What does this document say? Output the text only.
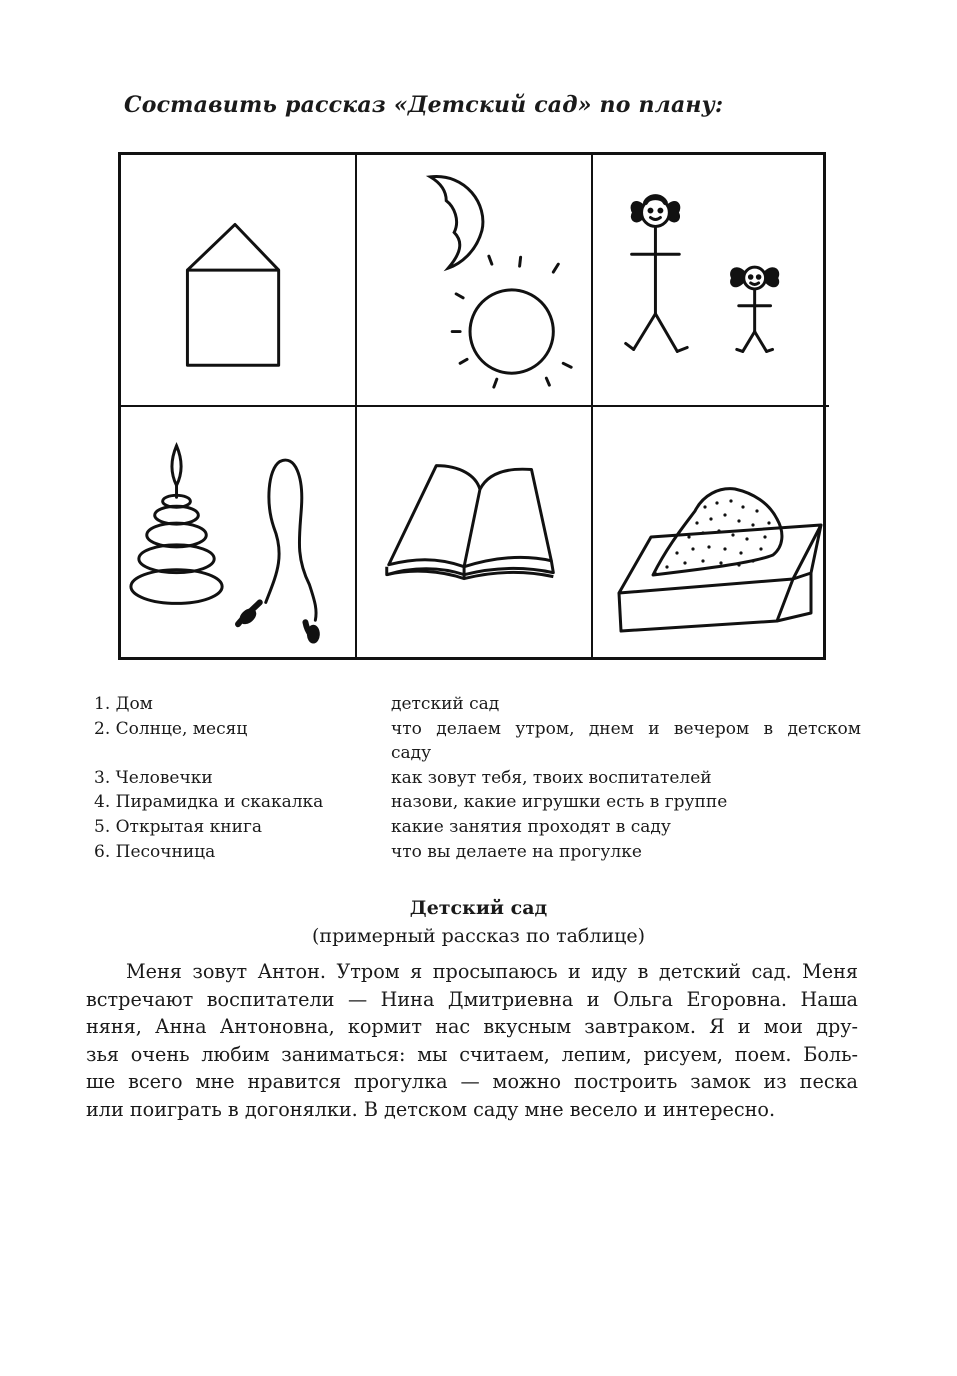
Составить рассказ «Детский сад» по плану:
1. Дом
2. Солнце, месяц

3. Человечки
4. Пирамидка и скакалка
5. Открытая книга
6. Песочница
детский сад
что делаем утром, днем и вечером в детском
саду
как зовут тебя, твоих воспитателей
назови, какие игрушки есть в группе
какие занятия проходят в саду
что вы делаете на прогулке
Детский сад
(примерный рассказ по таблице)
Меня зовут Антон. Утром я просыпаюсь и иду в детский сад. Меня
встречают воспитатели — Нина Дмитриевна и Ольга Егоровна. Наша
няня, Анна Антоновна, кормит нас вкусным завтраком. Я и мои дру-
зья очень любим заниматься: мы считаем, лепим, рисуем, поем. Боль-
ше всего мне нравится прогулка — можно построить замок из песка
или поиграть в догонялки. В детском саду мне весело и интересно.
